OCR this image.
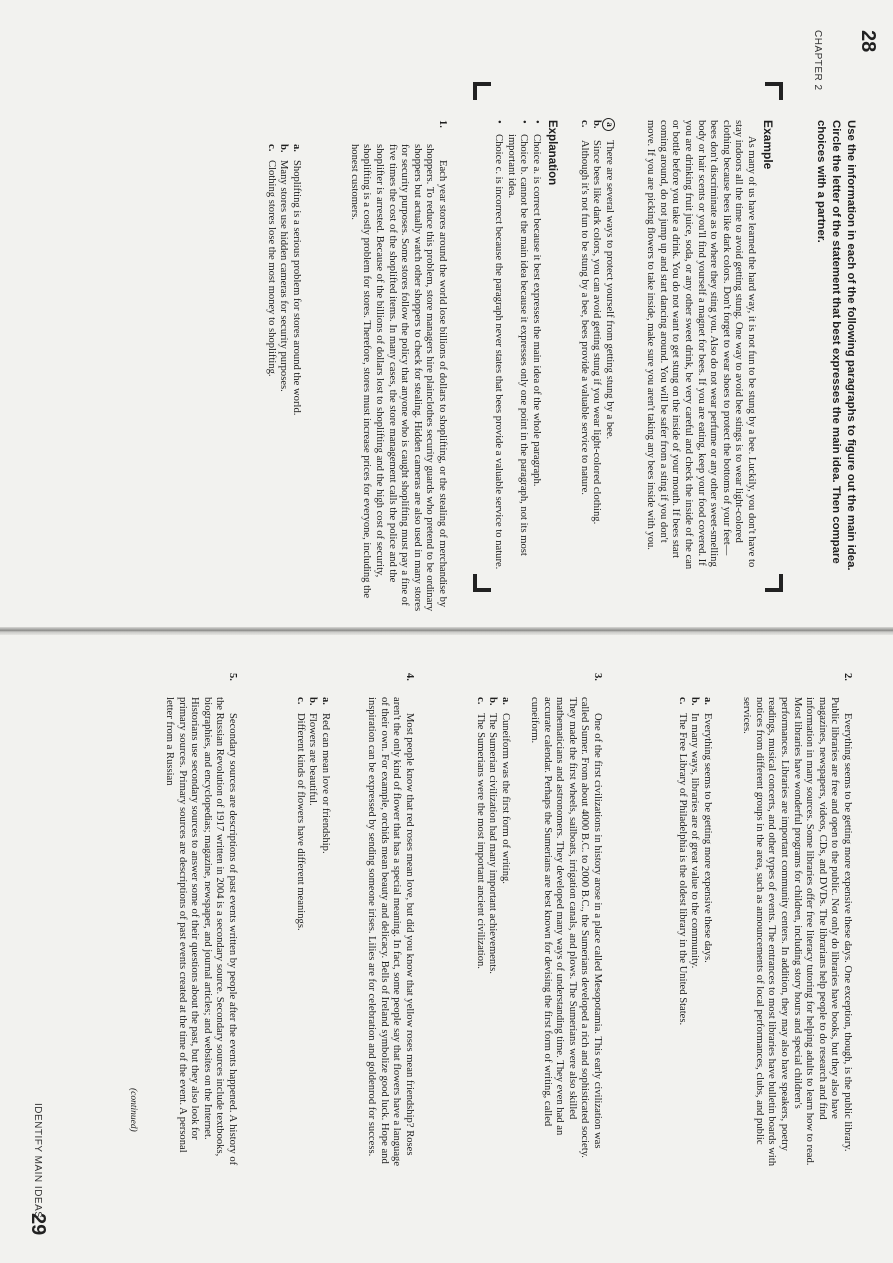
28
CHAPTER 2
Use the information in each of the following paragraphs to figure out the main idea. Circle the letter of the statement that best expresses the main idea. Then compare choices with a partner.
Example

As many of us have learned the hard way, it is not fun to be stung by a bee. Luckily, you don't have to stay indoors all the time to avoid getting stung. One way to avoid bee stings is to wear light-colored clothing because bees like dark colors. Don't forget to wear shoes to protect the bottoms of your feet—bees don't discriminate as to where they sting you. Also do not wear perfume or any other sweet-smelling body or hair scents or you'll find yourself a magnet for bees. If you are eating, keep your food covered. If you are drinking fruit juice, soda, or any other sweet drink, be very careful and check the inside of the can or bottle before you take a drink. You do not want to get stung on the inside of your mouth. If bees start coming around, do not jump up and start dancing around. You will be safer from a sting if you don't move. If you are picking flowers to take inside, make sure you aren't taking any bees inside with you.

a
There are several ways to protect yourself from getting stung by a bee.
b.
Since bees like dark colors, you can avoid getting stung if you wear light-colored clothing.
c.
Although it's not fun to be stung by a bee, bees provide a valuable service to nature.
Explanation
•
Choice a. is correct because it best expresses the main idea of the whole paragraph.
•
Choice b. cannot be the main idea because it expresses only one point in the paragraph, not its most important idea.
•
Choice c. is incorrect because the paragraph never states that bees provide a valuable service to nature.
1.

Each year stores around the world lose billions of dollars to shoplifting, or the stealing of merchandise by shoppers. To reduce this problem, store managers hire plainclothes security guards who pretend to be ordinary shoppers but actually watch other shoppers to check for stealing. Hidden cameras are also used in many stores for security purposes. Some stores follow the policy that anyone who is caught shoplifting must pay a fine of five times the cost of the shoplifted items. In many cases, the store management calls the police and the shoplifter is arrested. Because of the billions of dollars lost to shoplifting and the high cost of security, shoplifting is a costly problem for stores. Therefore, stores must increase prices for everyone, including the honest customers.

a.
Shoplifting is a serious problem for stores around the world.
b.
Many stores use hidden cameras for security purposes.
c.
Clothing stores lose the most money to shoplifting.
2.

Everything seems to be getting more expensive these days. One exception, though, is the public library. Public libraries are free and open to the public. Not only do libraries have books, but they also have magazines, newspapers, videos, CDs, and DVDs. The librarians help people to do research and find information in many sources. Some libraries offer free literacy tutoring for helping adults to learn how to read. Most libraries have wonderful programs for children, including story hours and special children's performances. Libraries are important community centers. In addition, they may also have speakers, poetry readings, musical concerts, and other types of events. The entrances to most libraries have bulletin boards with notices from different groups in the area, such as announcements of local performances, clubs, and public services.

a.
Everything seems to be getting more expensive these days.
b.
In many ways, libraries are of great value to the community.
c.
The Free Library of Philadelphia is the oldest library in the United States.
3.

One of the first civilizations in history arose in a place called Mesopotamia. This early civilization was called Sumer. From about 4000 B.C. to 2000 B.C., the Sumerians developed a rich and sophisticated society. They made the first wheels, sailboats, irrigation canals, and plows. The Sumerians were also skilled mathematicians and astronomers. They developed many ways of understanding time. They even had an accurate calendar. Perhaps the Sumerians are best known for devising the first form of writing, called cuneiform.

a.
Cuneiform was the first form of writing.
b.
The Sumerian civilization had many important achievements.
c.
The Sumerians were the most important ancient civilization.
4.

Most people know that red roses mean love, but did you know that yellow roses mean friendship? Roses aren't the only kind of flower that has a special meaning. In fact, some people say that flowers have a language of their own. For example, orchids mean beauty and delicacy. Bells of Ireland symbolize good luck. Hope and inspiration can be expressed by sending someone irises. Lilies are for celebration and goldenrod for success.

a.
Red can mean love or friendship.
b.
Flowers are beautiful.
c.
Different kinds of flowers have different meanings.
5.

Secondary sources are descriptions of past events written by people after the events happened. A history of the Russian Revolution of 1917 written in 2004 is a secondary source. Secondary sources include textbooks, biographies, and encyclopedias; magazine, newspaper, and journal articles; and websites on the Internet. Historians use secondary sources to answer some of their questions about the past, but they also look for primary sources. Primary sources are descriptions of past events created at the time of the event. A personal letter from a Russian

(continued)
IDENTIFY MAIN IDEAS
29
